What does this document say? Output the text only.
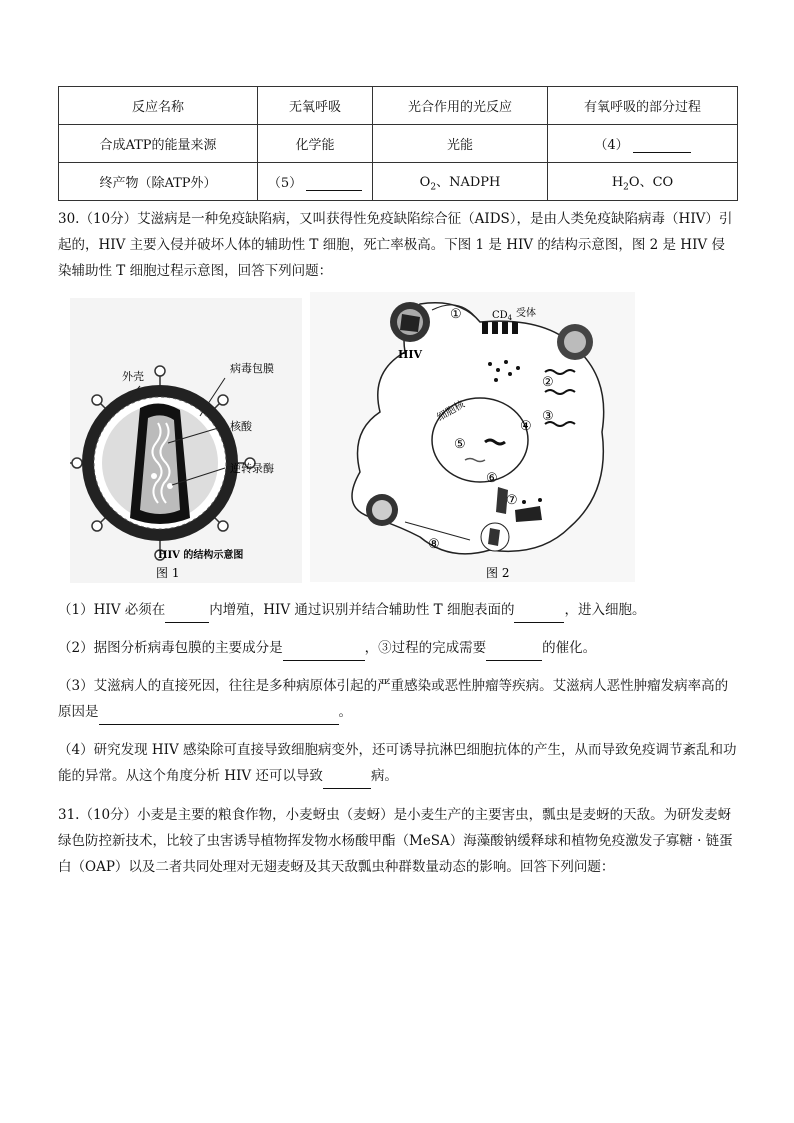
反应名称	无氧呼吸	光合作用的光反应	有氧呼吸的部分过程
合成ATP的能量来源	化学能	光能	（4）
终产物（除ATP外）	（5）	$O_2$、NADPH	$H_2O$、CO

30.（10分）艾滋病是一种免疫缺陷病，又叫获得性免疫缺陷综合征（AIDS），是由人类免疫缺陷病毒（HIV）引起的，HIV 主要入侵并破坏人体的辅助性 T 细胞，死亡率极高。下图 1 是 HIV 的结构示意图，图 2 是 HIV 侵染辅助性 T 细胞过程示意图，回答下列问题：

外壳
病毒包膜
核酸
逆转录酶
HIV 的结构示意图
图 1
细胞核
HIV
$CD_4$ 受体
①
②
③
④
⑤
⑥
⑦
⑧
图 2

（1）HIV 必须在	内增殖，HIV 通过识别并结合辅助性 T 细胞表面的	，进入细胞。

（2）据图分析病毒包膜的主要成分是	，③过程的完成需要	的催化。

（3）艾滋病人的直接死因，往往是多种病原体引起的严重感染或恶性肿瘤等疾病。艾滋病人恶性肿瘤发病率高的原因是	。

（4）研究发现 HIV 感染除可直接导致细胞病变外，还可诱导抗淋巴细胞抗体的产生，从而导致免疫调节紊乱和功能的异常。从这个角度分析 HIV 还可以导致	病。

31.（10分）小麦是主要的粮食作物，小麦蚜虫（麦蚜）是小麦生产的主要害虫，瓢虫是麦蚜的天敌。为研发麦蚜绿色防控新技术，比较了虫害诱导植物挥发物水杨酸甲酯（MeSA）海藻酸钠缓释球和植物免疫激发子寡糖 · 链蛋白（OAP）以及二者共同处理对无翅麦蚜及其天敌瓢虫种群数量动态的影响。回答下列问题：
